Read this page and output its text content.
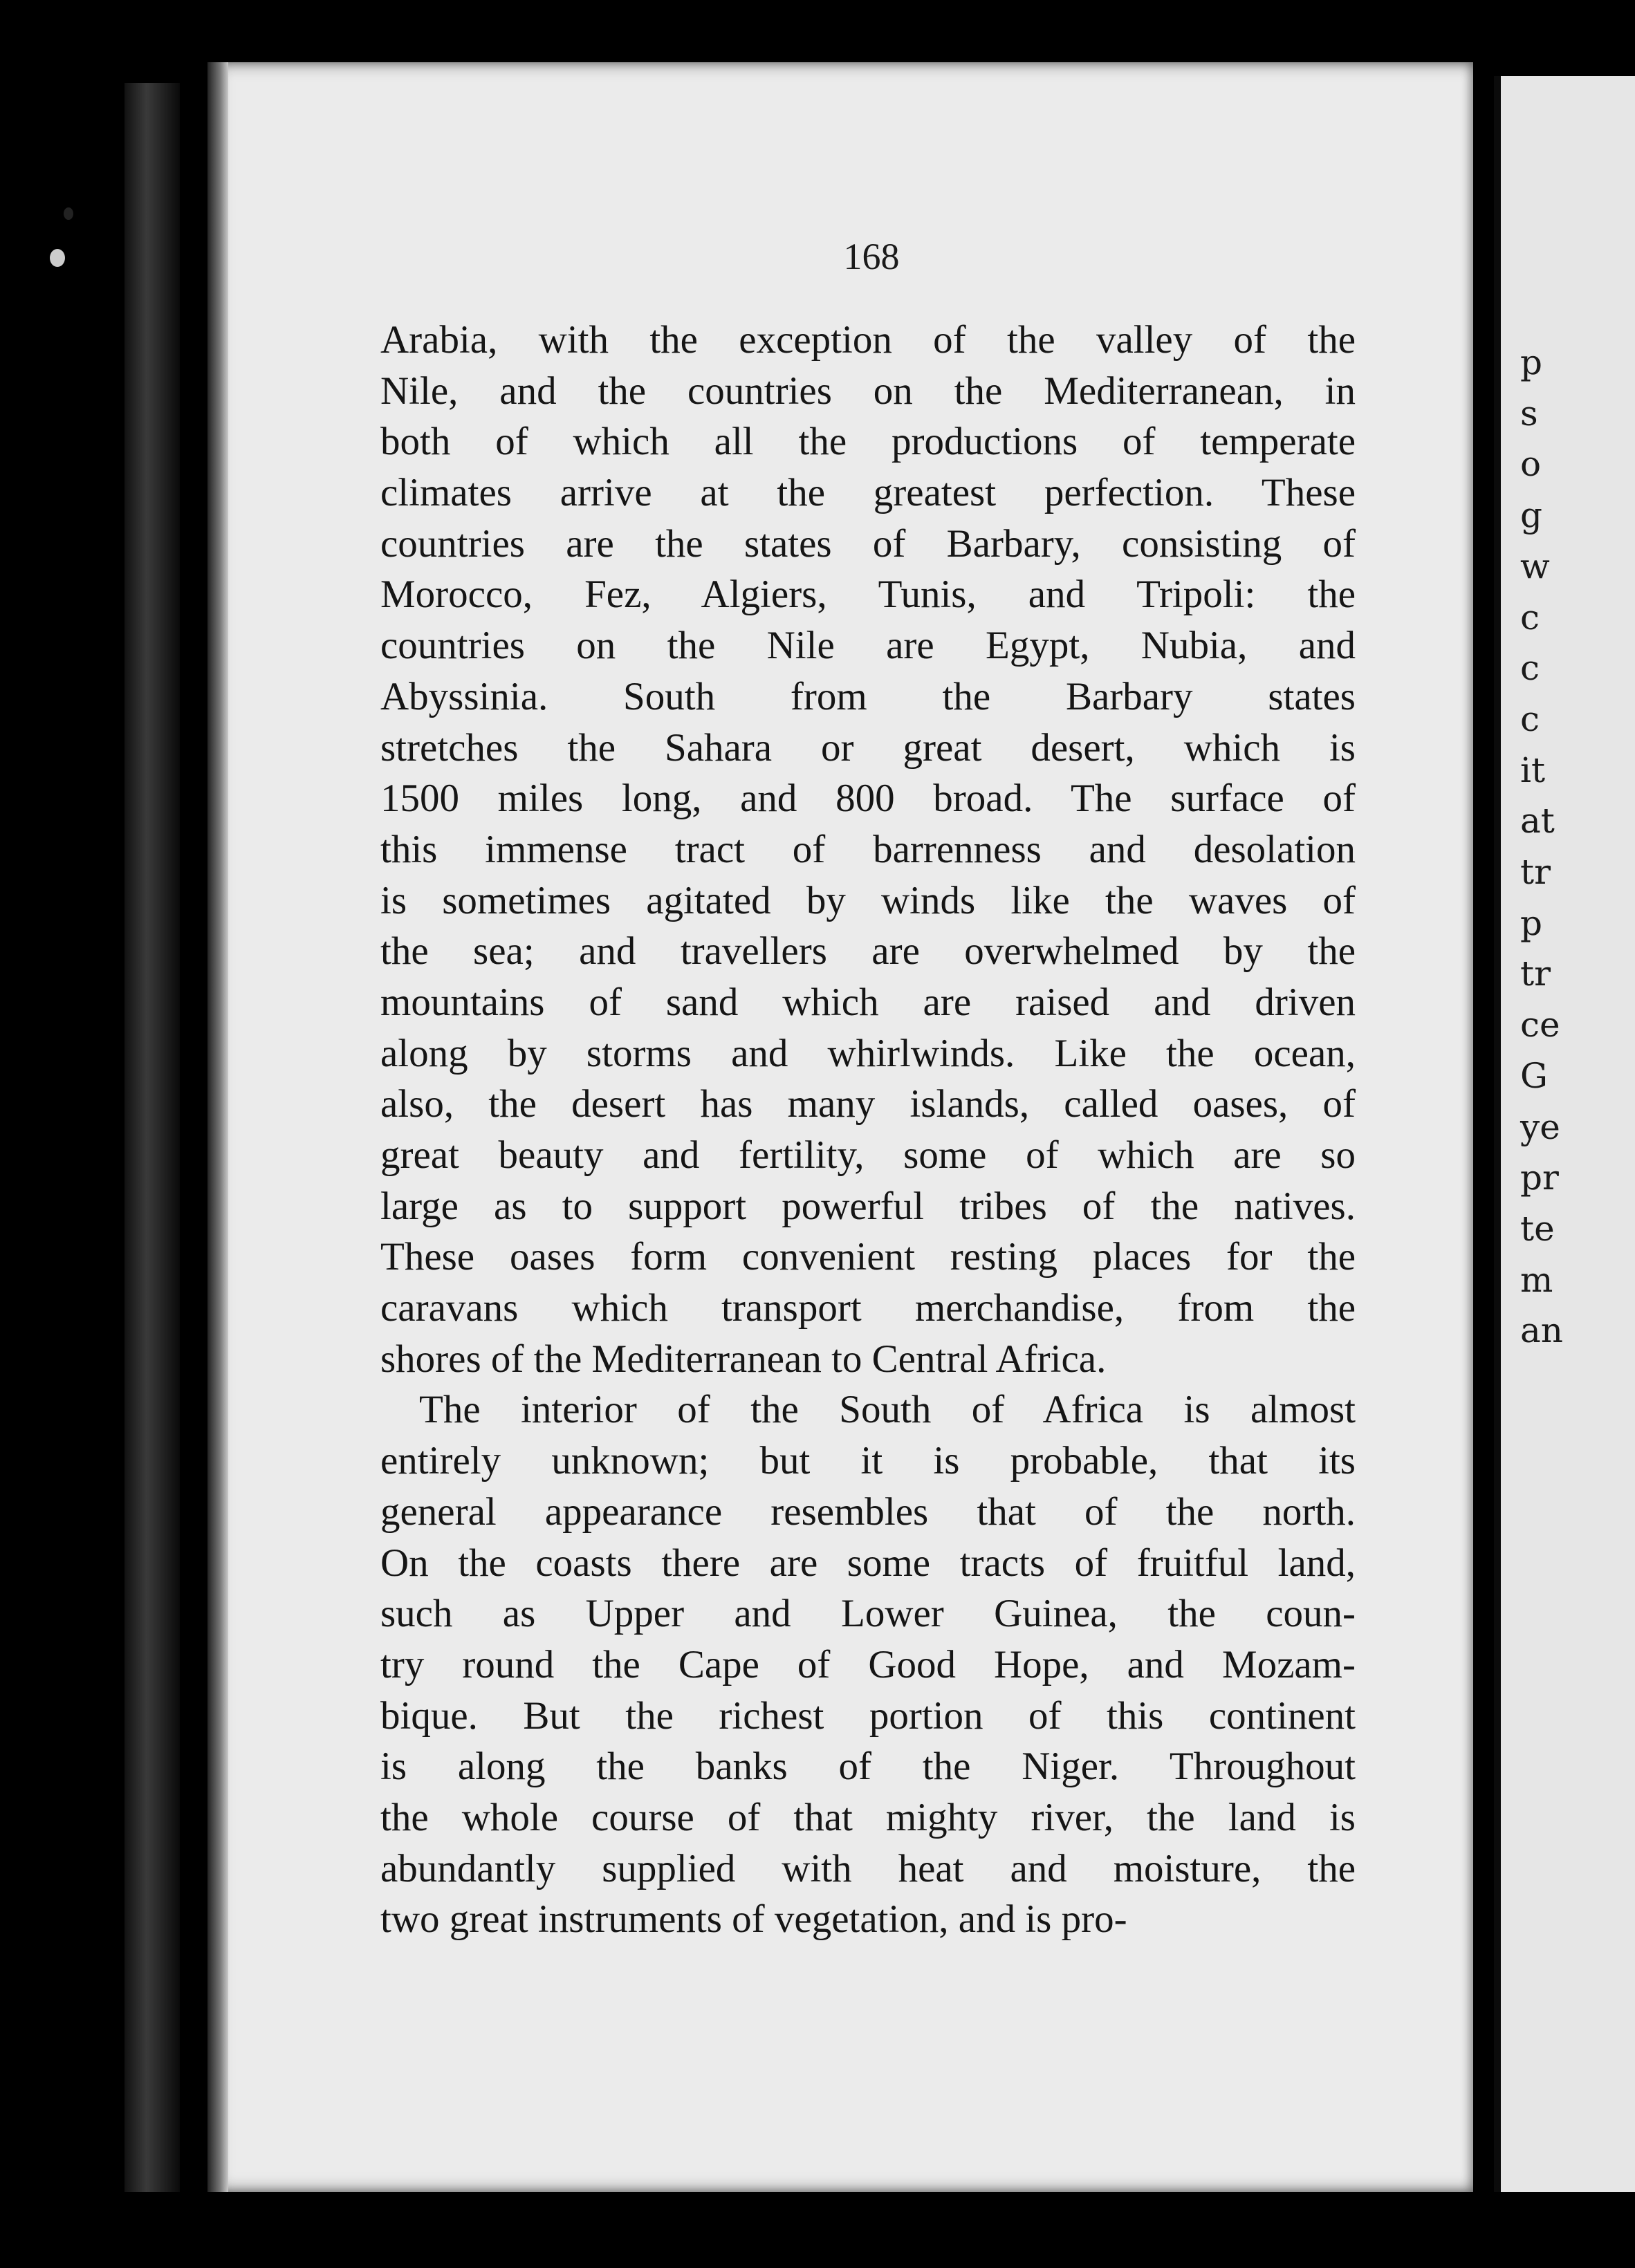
168
Arabia, with the exception of the valley of the
Nile, and the countries on the Mediterranean, in
both of which all the productions of temperate
climates arrive at the greatest perfection. These
countries are the states of Barbary, consisting of
Morocco, Fez, Algiers, Tunis, and Tripoli: the
countries on the Nile are Egypt, Nubia, and
Abyssinia. South from the Barbary states
stretches the Sahara or great desert, which is
1500 miles long, and 800 broad. The surface of
this immense tract of barrenness and desolation
is sometimes agitated by winds like the waves of
the sea; and travellers are overwhelmed by the
mountains of sand which are raised and driven
along by storms and whirlwinds. Like the ocean,
also, the desert has many islands, called oases, of
great beauty and fertility, some of which are so
large as to support powerful tribes of the natives.
These oases form convenient resting places for the
caravans which transport merchandise, from the
shores of the Mediterranean to Central Africa.
The interior of the South of Africa is almost
entirely unknown; but it is probable, that its
general appearance resembles that of the north.
On the coasts there are some tracts of fruitful land,
such as Upper and Lower Guinea, the coun-
try round the Cape of Good Hope, and Mozam-
bique. But the richest portion of this continent
is along the banks of the Niger. Throughout
the whole course of that mighty river, the land is
abundantly supplied with heat and moisture, the
two great instruments of vegetation, and is pro-
p
s
o
g
w
c
c
c
it
at
tr
p
tr
ce
G
ye
pr
te
m
an
